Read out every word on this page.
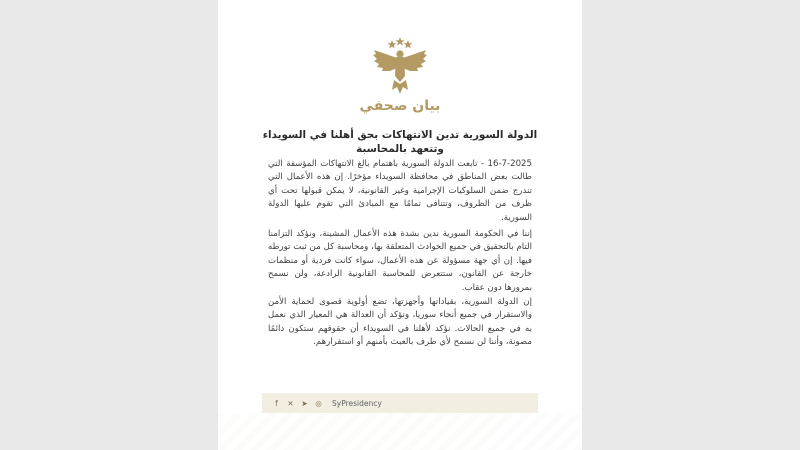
بيان صحفي
الدولة السورية تدين الانتهاكات بحق أهلنا في السويداء وتتعهد بالمحاسبة
16-7-2025 - تابعت الدولة السورية باهتمام بالغ الانتهاكات المؤسفة التي طالت بعض المناطق في محافظة السويداء مؤخرًا. إن هذه الأعمال التي تندرج ضمن السلوكيات الإجرامية وغير القانونية، لا يمكن قبولها تحت أي ظرف من الظروف، وتتنافى تمامًا مع المبادئ التي تقوم عليها الدولة السورية.
إننا في الحكومة السورية ندين بشدة هذه الأعمال المشينة، ونؤكد التزامنا التام بالتحقيق في جميع الحوادث المتعلقة بها، ومحاسبة كل من ثبت تورطه فيها. إن أي جهة مسؤولة عن هذه الأعمال، سواء كانت فردية أو منظمات خارجة عن القانون، ستتعرض للمحاسبة القانونية الرادعة، ولن نسمح بمرورها دون عقاب.
إن الدولة السورية، بقياداتها وأجهزتها، تضع أولوية قصوى لحماية الأمن والاستقرار في جميع أنحاء سوريا، وتؤكد أن العدالة هي المعيار الذي نعمل به في جميع الحالات. نؤكد لأهلنا في السويداء أن حقوقهم ستكون دائمًا مصونة، وأننا لن نسمح لأي طرف بالعبث بأمنهم أو استقرارهم.
f	✕ ➤ ◎ SyPresidency
